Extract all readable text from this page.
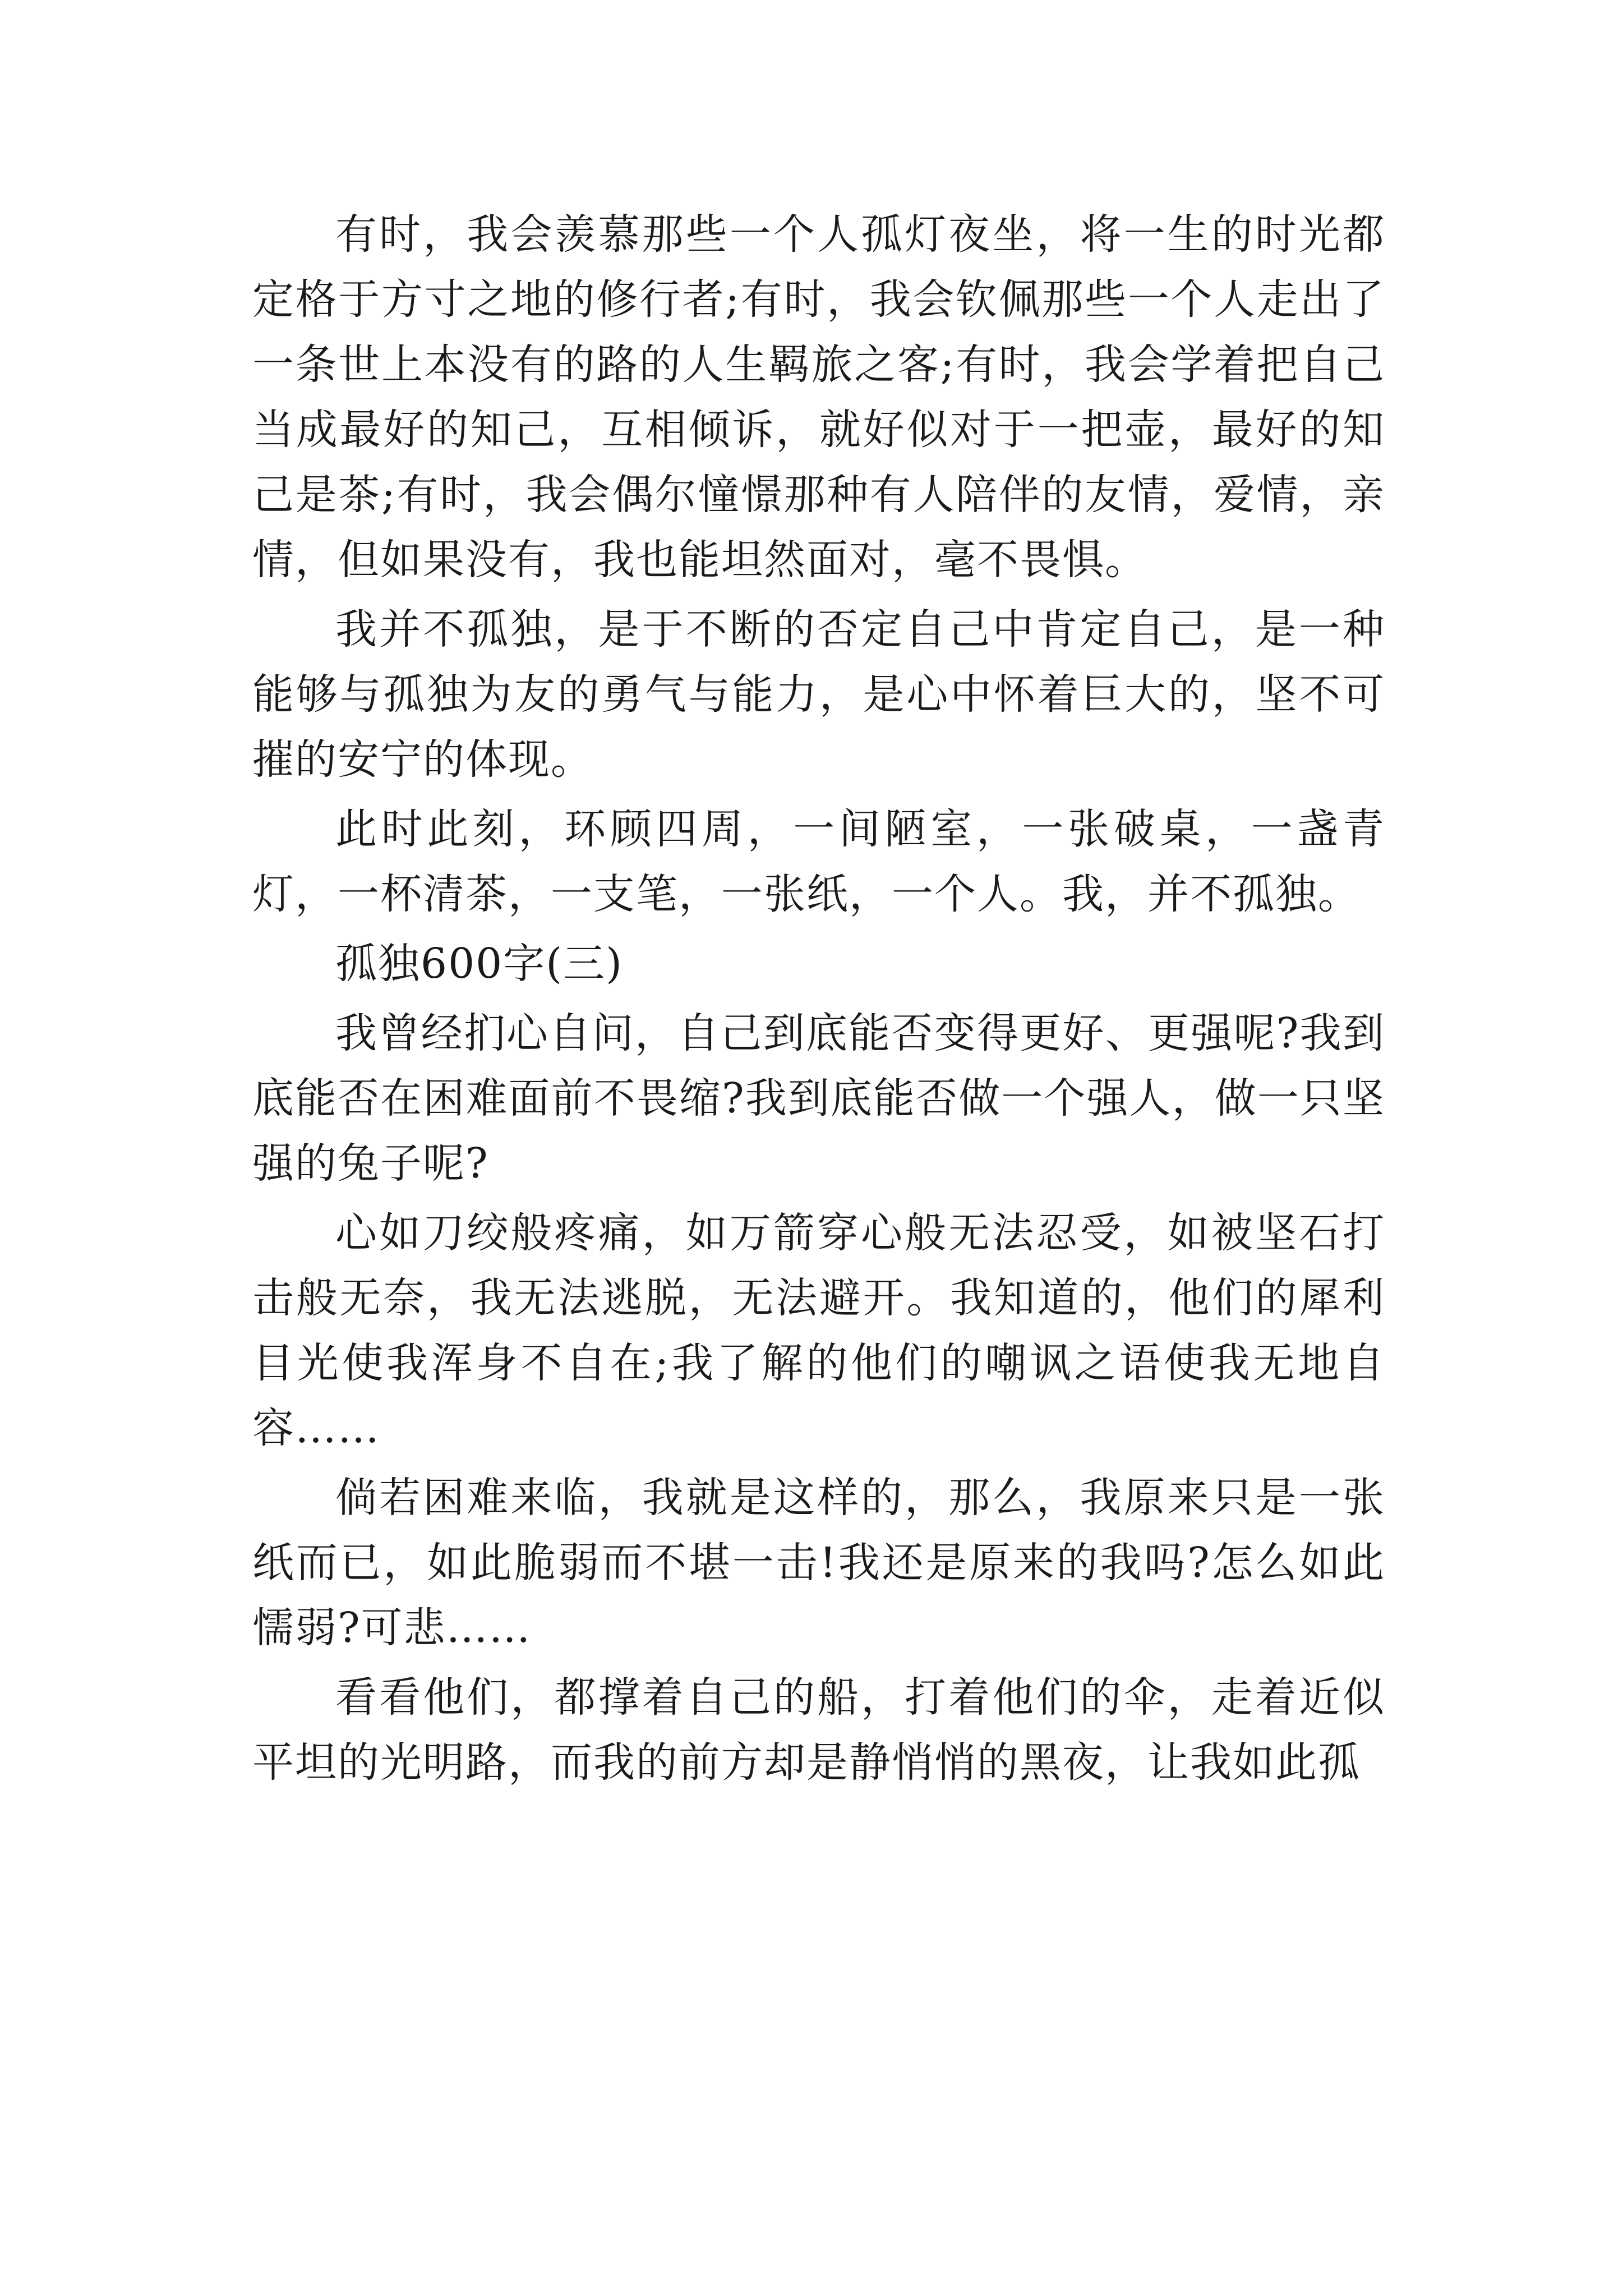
有时，我会羡慕那些一个人孤灯夜坐，将一生的时光都定格于方寸之地的修行者;有时，我会钦佩那些一个人走出了一条世上本没有的路的人生羁旅之客;有时，我会学着把自己当成最好的知己，互相倾诉，就好似对于一把壶，最好的知己是茶;有时，我会偶尔憧憬那种有人陪伴的友情，爱情，亲情，但如果没有，我也能坦然面对，毫不畏惧。

我并不孤独，是于不断的否定自己中肯定自己，是一种能够与孤独为友的勇气与能力，是心中怀着巨大的，坚不可摧的安宁的体现。

此时此刻，环顾四周，一间陋室，一张破桌，一盏青灯，一杯清茶，一支笔，一张纸，一个人。我，并不孤独。

孤独600字(三)

我曾经扪心自问，自己到底能否变得更好、更强呢?我到底能否在困难面前不畏缩?我到底能否做一个强人，做一只坚强的兔子呢?

心如刀绞般疼痛，如万箭穿心般无法忍受，如被坚石打击般无奈，我无法逃脱，无法避开。我知道的，他们的犀利目光使我浑身不自在;我了解的他们的嘲讽之语使我无地自容……

倘若困难来临，我就是这样的，那么，我原来只是一张纸而已，如此脆弱而不堪一击!我还是原来的我吗?怎么如此懦弱?可悲……

看看他们，都撑着自己的船，打着他们的伞，走着近似平坦的光明路，而我的前方却是静悄悄的黑夜，让我如此孤
